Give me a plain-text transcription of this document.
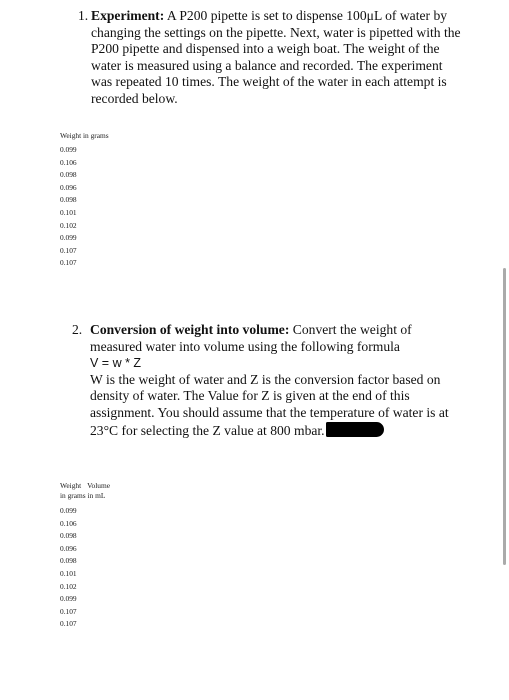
1. Experiment: A P200 pipette is set to dispense 100μL of water by changing the settings on the pipette. Next, water is pipetted with the P200 pipette and dispensed into a weigh boat. The weight of the water is measured using a balance and recorded. The experiment was repeated 10 times. The weight of the water in each attempt is recorded below.
Weight in grams
0.099
0.106
0.098
0.096
0.098
0.101
0.102
0.099
0.107
0.107
2. Conversion of weight into volume: Convert the weight of measured water into volume using the following formula
V = w * Z
W is the weight of water and Z is the conversion factor based on density of water. The Value for Z is given at the end of this assignment. You should assume that the temperature of water is at 23°C for selecting the Z value at 800 mbar.
Weight Volume
in grams in mL
0.099
0.106
0.098
0.096
0.098
0.101
0.102
0.099
0.107
0.107
